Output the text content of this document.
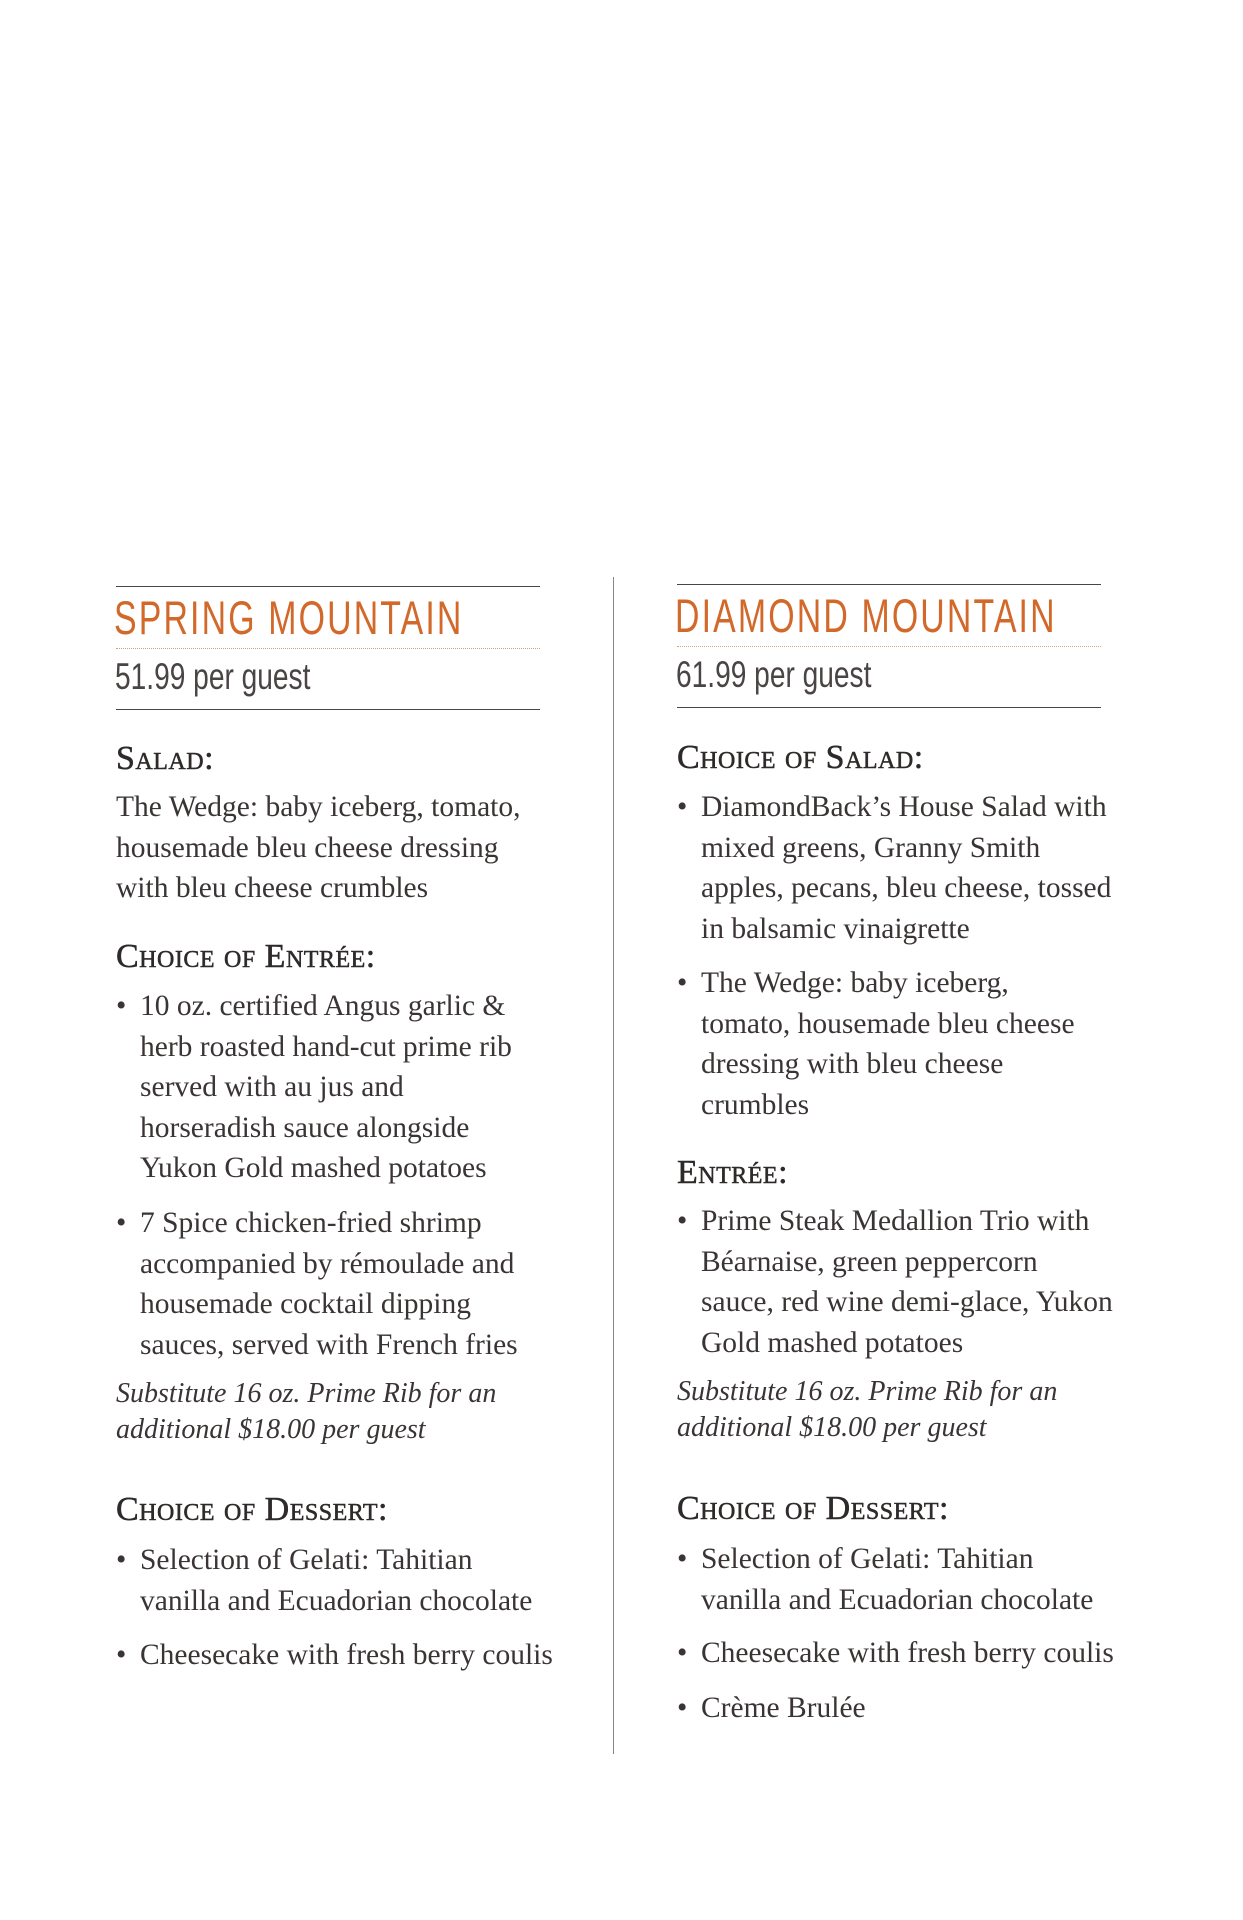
SPRING MOUNTAIN
51.99 per guest
Salad:
The Wedge: baby iceberg, tomato, housemade bleu cheese dressing with bleu cheese crumbles
Choice of Entrée:
• 10 oz. certified Angus garlic & herb roasted hand-cut prime rib served with au jus and horseradish sauce alongside Yukon Gold mashed potatoes
• 7 Spice chicken-fried shrimp accompanied by rémoulade and housemade cocktail dipping sauces, served with French fries
Substitute 16 oz. Prime Rib for an additional $18.00 per guest
Choice of Dessert:
• Selection of Gelati: Tahitian vanilla and Ecuadorian chocolate
• Cheesecake with fresh berry coulis
DIAMOND MOUNTAIN
61.99 per guest
Choice of Salad:
• DiamondBack’s House Salad with mixed greens, Granny Smith apples, pecans, bleu cheese, tossed in balsamic vinaigrette
• The Wedge: baby iceberg, tomato, housemade bleu cheese dressing with bleu cheese crumbles
Entrée:
• Prime Steak Medallion Trio with Béarnaise, green peppercorn sauce, red wine demi-glace, Yukon Gold mashed potatoes
Substitute 16 oz. Prime Rib for an additional $18.00 per guest
Choice of Dessert:
• Selection of Gelati: Tahitian vanilla and Ecuadorian chocolate
• Cheesecake with fresh berry coulis
• Crème Brulée
